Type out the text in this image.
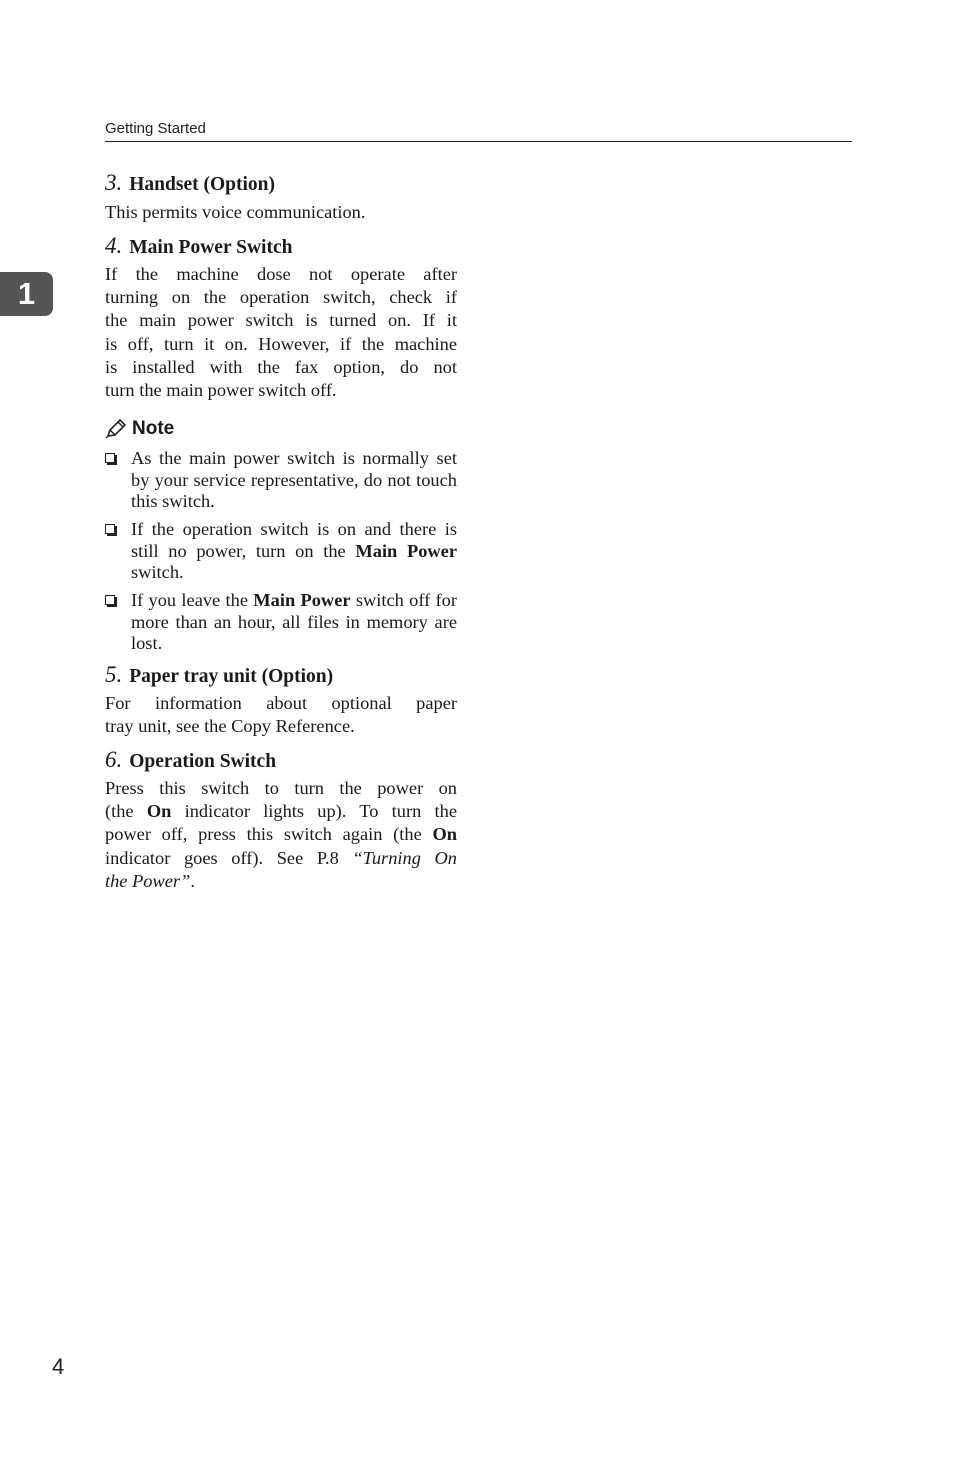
Getting Started
1
3. Handset (Option)
This permits voice communication.
4. Main Power Switch
If the machine dose not operate after
turning on the operation switch, check if
the main power switch is turned on. If it
is off, turn it on. However, if the machine
is installed with the fax option, do not
turn the main power switch off.
Note
As the main power switch is normally set by your service representative, do not touch this switch.
If the operation switch is on and there is still no power, turn on the Main Power switch.
If you leave the Main Power switch off for more than an hour, all files in memory are lost.
5. Paper tray unit (Option)
For information about optional paper
tray unit, see the Copy Reference.
6. Operation Switch
Press this switch to turn the power on
(the On indicator lights up). To turn the
power off, press this switch again (the On
indicator goes off). See P.8 “Turning On
the Power”.
4
